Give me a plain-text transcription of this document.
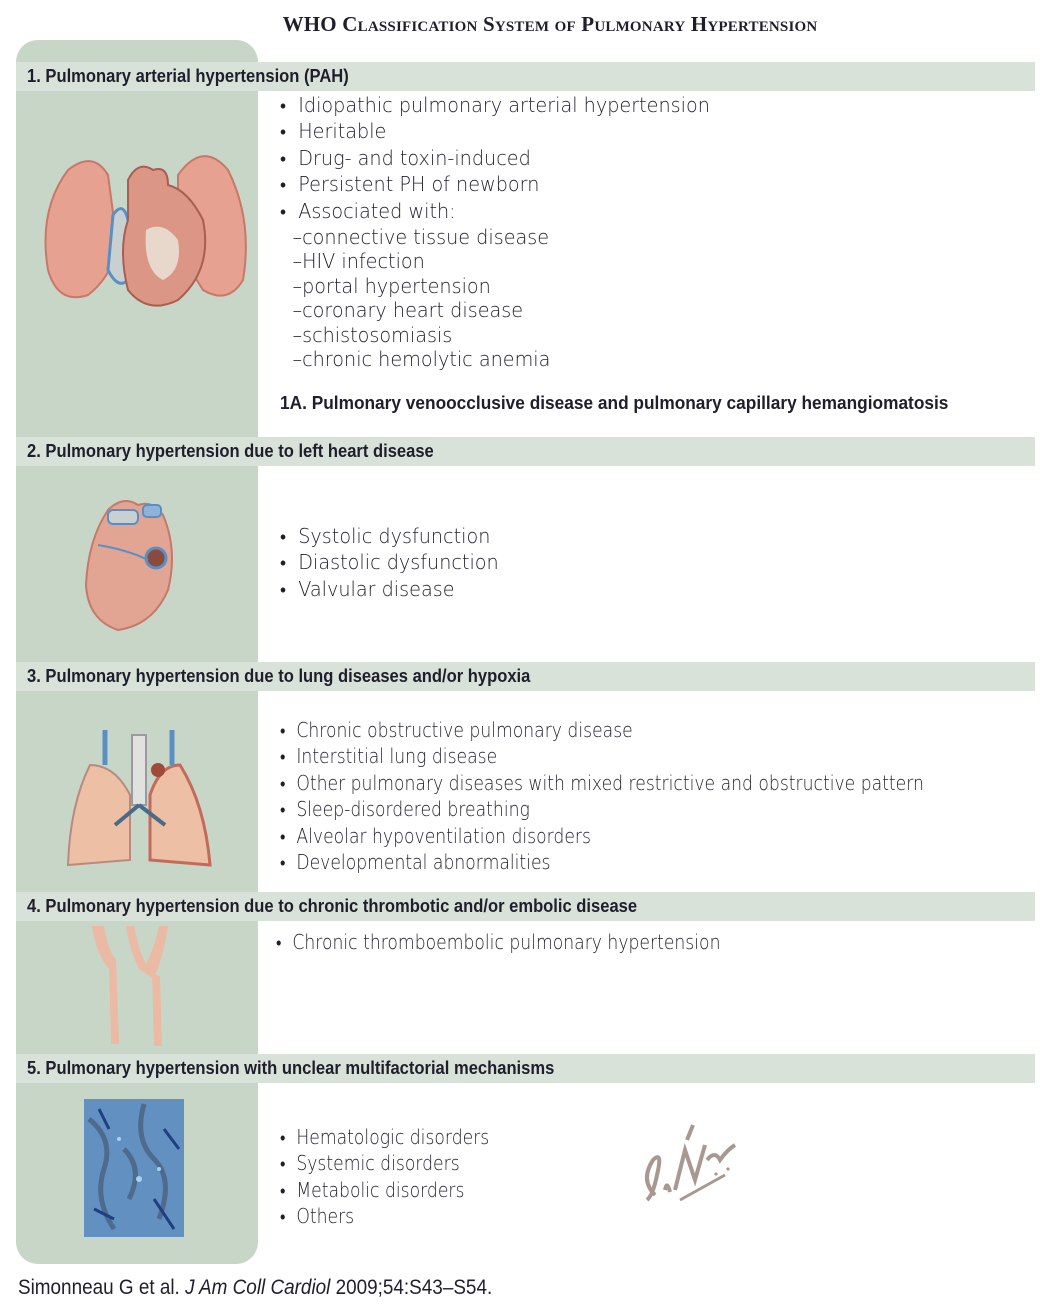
WHO Classification System of Pulmonary Hypertension
1. Pulmonary arterial hypertension (PAH)
• Idiopathic pulmonary arterial hypertension
• Heritable
• Drug- and toxin-induced
• Persistent PH of newborn
• Associated with:
–connective tissue disease
–HIV infection
–portal hypertension
–coronary heart disease
–schistosomiasis
–chronic hemolytic anemia
1A. Pulmonary venoocclusive disease and pulmonary capillary hemangiomatosis
2. Pulmonary hypertension due to left heart disease
• Systolic dysfunction
• Diastolic dysfunction
• Valvular disease
3. Pulmonary hypertension due to lung diseases and/or hypoxia
• Chronic obstructive pulmonary disease
• Interstitial lung disease
• Other pulmonary diseases with mixed restrictive and obstructive pattern
• Sleep-disordered breathing
• Alveolar hypoventilation disorders
• Developmental abnormalities
4. Pulmonary hypertension due to chronic thrombotic and/or embolic disease
• Chronic thromboembolic pulmonary hypertension
5. Pulmonary hypertension with unclear multifactorial mechanisms
• Hematologic disorders
• Systemic disorders
• Metabolic disorders
• Others
Simonneau G et al. J Am Coll Cardiol 2009;54:S43–S54.
